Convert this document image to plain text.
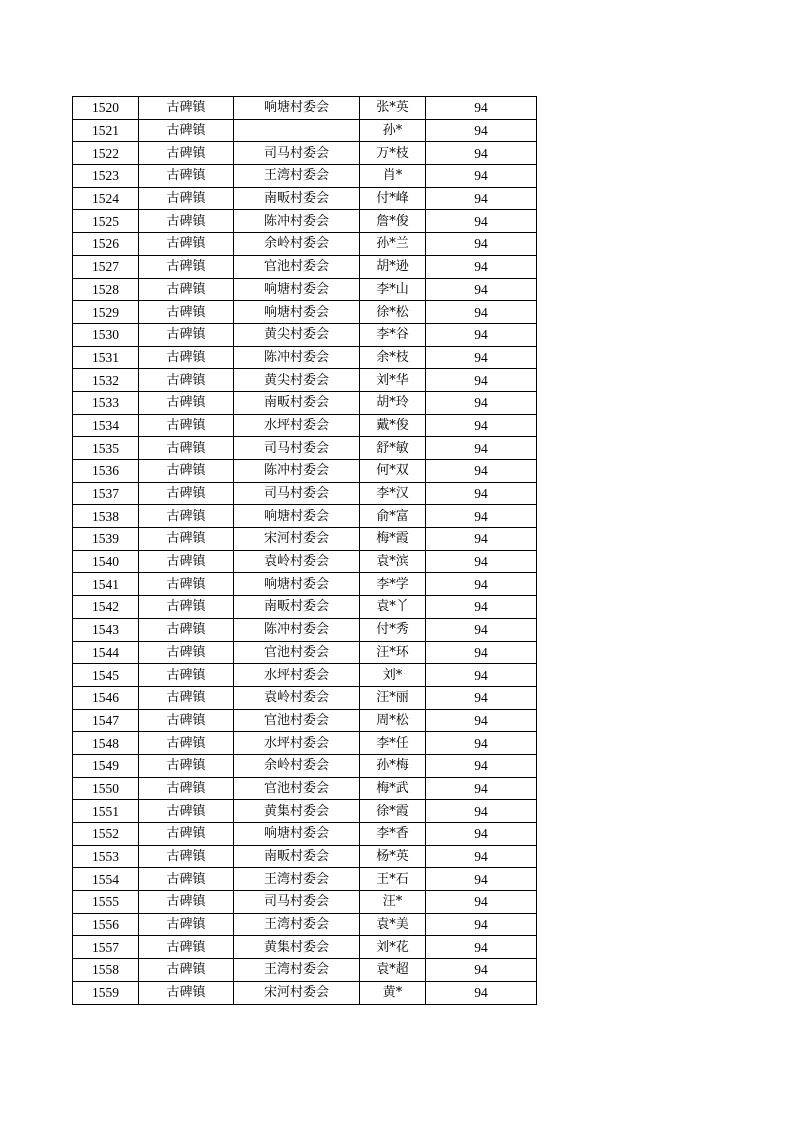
1520	古碑镇	响塘村委会	张*英	94
1521	古碑镇		孙*	94
1522	古碑镇	司马村委会	万*枝	94
1523	古碑镇	王湾村委会	肖*	94
1524	古碑镇	南畈村委会	付*峰	94
1525	古碑镇	陈冲村委会	詹*俊	94
1526	古碑镇	余岭村委会	孙*兰	94
1527	古碑镇	官池村委会	胡*逊	94
1528	古碑镇	响塘村委会	李*山	94
1529	古碑镇	响塘村委会	徐*松	94
1530	古碑镇	黄尖村委会	李*谷	94
1531	古碑镇	陈冲村委会	余*枝	94
1532	古碑镇	黄尖村委会	刘*华	94
1533	古碑镇	南畈村委会	胡*玲	94
1534	古碑镇	水坪村委会	戴*俊	94
1535	古碑镇	司马村委会	舒*敏	94
1536	古碑镇	陈冲村委会	何*双	94
1537	古碑镇	司马村委会	李*汉	94
1538	古碑镇	响塘村委会	俞*富	94
1539	古碑镇	宋河村委会	梅*霞	94
1540	古碑镇	袁岭村委会	袁*滨	94
1541	古碑镇	响塘村委会	李*学	94
1542	古碑镇	南畈村委会	袁*丫	94
1543	古碑镇	陈冲村委会	付*秀	94
1544	古碑镇	官池村委会	汪*环	94
1545	古碑镇	水坪村委会	刘*	94
1546	古碑镇	袁岭村委会	汪*丽	94
1547	古碑镇	官池村委会	周*松	94
1548	古碑镇	水坪村委会	李*任	94
1549	古碑镇	余岭村委会	孙*梅	94
1550	古碑镇	官池村委会	梅*武	94
1551	古碑镇	黄集村委会	徐*霞	94
1552	古碑镇	响塘村委会	李*香	94
1553	古碑镇	南畈村委会	杨*英	94
1554	古碑镇	王湾村委会	王*石	94
1555	古碑镇	司马村委会	汪*	94
1556	古碑镇	王湾村委会	袁*美	94
1557	古碑镇	黄集村委会	刘*花	94
1558	古碑镇	王湾村委会	袁*超	94
1559	古碑镇	宋河村委会	黄*	94
